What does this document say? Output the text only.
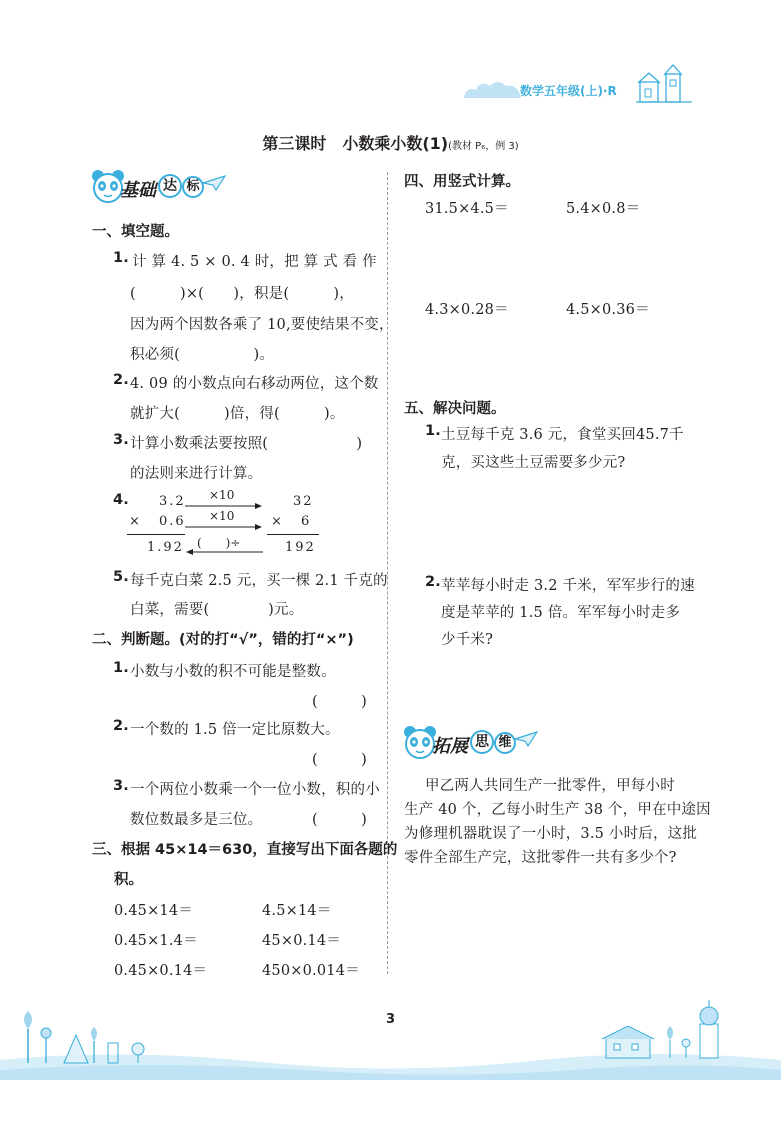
数学五年级(上)·R
第三课时　小数乘小数(1)(教材 P₆，例 3)
基础 达 标
一、填空题。
1. 计 算 4. 5 × 0. 4 时，把 算 式 看 作
(　　　)×(　　)，积是(　　　)，
因为两个因数各乘了 10,要使结果不变，
积必须(　　　　　)。
2. 4. 09 的小数点向右移动两位，这个数
就扩大(　　　)倍，得(　　　)。
3. 计算小数乘法要按照(　　　　　　)
的法则来进行计算。
4. 3.2
× 0.6
1.92
×10
×10
(　　)÷
32
× 6
192
5. 每千克白菜 2.5 元，买一棵 2.1 千克的
白菜，需要(　　　　)元。
二、判断题。(对的打“√”，错的打“×”)
1. 小数与小数的积不可能是整数。
(　　　)
2. 一个数的 1.5 倍一定比原数大。
(　　　)
3. 一个两位小数乘一个一位小数，积的小
数位数最多是三位。	(　　　)
三、根据 45×14＝630，直接写出下面各题的
积。
0.45×14＝	4.5×14＝
0.45×1.4＝	45×0.14＝
0.45×0.14＝	450×0.014＝
四、用竖式计算。
31.5×4.5＝	5.4×0.8＝
4.3×0.28＝	4.5×0.36＝
五、解决问题。
1. 土豆每千克 3.6 元，食堂买回45.7千
克，买这些土豆需要多少元?
2. 苹苹每小时走 3.2 千米，军军步行的速
度是苹苹的 1.5 倍。军军每小时走多
少千米?
拓展 思 维
甲乙两人共同生产一批零件，甲每小时
生产 40 个，乙每小时生产 38 个，甲在中途因
为修理机器耽误了一小时，3.5 小时后，这批
零件全部生产完，这批零件一共有多少个?
3
